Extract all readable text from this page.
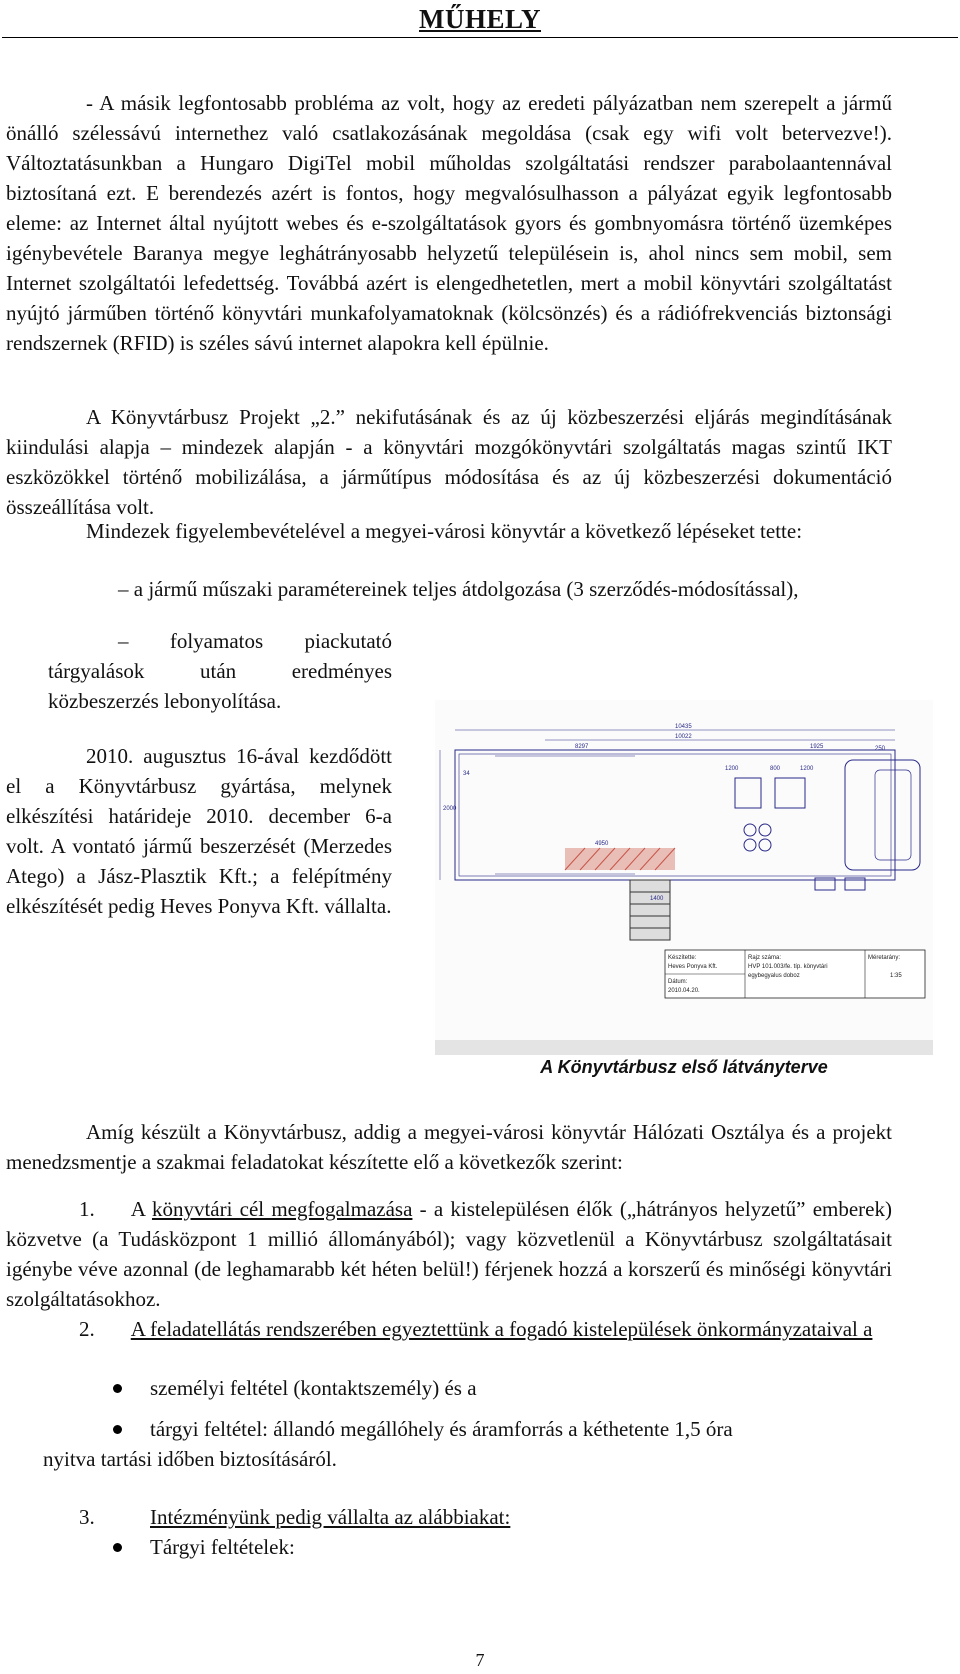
MŰHELY
- A másik legfontosabb probléma az volt, hogy az eredeti pályázatban nem szerepelt a jármű önálló szélessávú internethez való csatlakozásának megoldása (csak egy wifi volt betervezve!). Változtatásunkban a Hungaro DigiTel mobil műholdas szolgáltatási rendszer parabolaantennával biztosítaná ezt. E berendezés azért is fontos, hogy megvalósulhasson a pályázat egyik legfontosabb eleme: az Internet által nyújtott webes és e-szolgáltatások gyors és gombnyomásra történő üzemképes igénybevétele Baranya megye leghátrányosabb helyzetű településein is, ahol nincs sem mobil, sem Internet szolgáltatói lefedettség. Továbbá azért is elengedhetetlen, mert a mobil könyvtári szolgáltatást nyújtó járműben történő könyvtári munkafolyamatoknak (kölcsönzés) és a rádiófrekvenciás biztonsági rendszernek (RFID) is széles sávú internet alapokra kell épülnie.
A Könyvtárbusz Projekt „2.” nekifutásának és az új közbeszerzési eljárás megindításának kiindulási alapja – mindezek alapján - a könyvtári mozgókönyvtári szolgáltatás magas szintű IKT eszközökkel történő mobilizálása, a járműtípus módosítása és az új közbeszerzési dokumentáció összeállítása volt.
Mindezek figyelembevételével a megyei-városi könyvtár a következő lépéseket tette:
– a jármű műszaki paramétereinek teljes átdolgozása (3 szerződés-módosítással),
– folyamatos piackutató tárgyalások után eredményes közbeszerzés lebonyolítása.
2010. augusztus 16-ával kezdődött el a Könyvtárbusz gyártása, melynek elkészítési határideje 2010. december 6-a volt. A vontató jármű beszerzését (Merzedes Atego) a Jász-Plasztik Kft.; a felépítmény elkészítését pedig Heves Ponyva Kft. vállalta.
10435
10022
8297	1925
1200	800	1200
4950
1400
2000
34
250
Készítette:
Heves Ponyva Kft.
Dátum:
2010.04.20.
Rajz száma:
HVP 101.003/fe. típ. könyvtári
egybegyalus doboz
Méretarány:
1:35
A Könyvtárbusz első látványterve
Amíg készült a Könyvtárbusz, addig a megyei-városi könyvtár Hálózati Osztálya és a projekt menedzsmentje a szakmai feladatokat készítette elő a következők szerint:
1. A könyvtári cél megfogalmazása - a kistelepülésen élők („hátrányos helyzetű” emberek) közvetve (a Tudásközpont 1 millió állományából); vagy közvetlenül a Könyvtárbusz szolgáltatásait igénybe véve azonnal (de leghamarabb két héten belül!) férjenek hozzá a korszerű és minőségi könyvtári szolgáltatásokhoz.
2. A feladatellátás rendszerében egyeztettünk a fogadó kistelepülések önkormányzataival a
személyi feltétel (kontaktszemély) és a
tárgyi feltétel: állandó megállóhely és áramforrás a kéthetente 1,5 óra
nyitva tartási időben biztosításáról.
3.	Intézményünk pedig vállalta az alábbiakat:
Tárgyi feltételek:
7
